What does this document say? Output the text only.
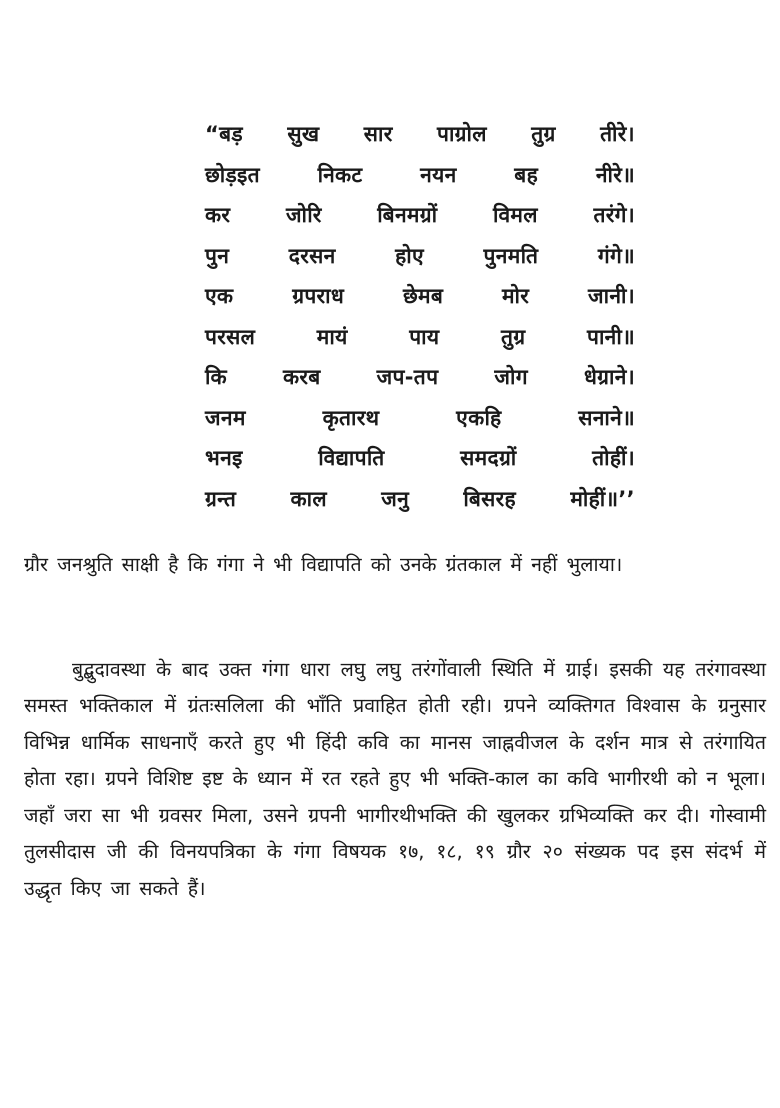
“बड़ सुख सार पाग्रोल तुग्र तीरे।
छोड़इत	निकट	नयन	बह	नीरे॥
कर	जोरि	बिनमग्रों	विमल	तरंगे।
पुन	दरसन	होए	पुनमति	गंगे॥
एक	ग्रपराध	छेमब	मोर	जानी।
परसल	मायं	पाय	तुग्र	पानी॥
कि	करब	जप-तप	जोग	धेग्राने।
जनम	कृतारथ	एकहि	सनाने॥
भनइ	विद्यापति	समदग्रों	तोहीं।
ग्रन्त	काल	जनु	बिसरह	मोहीं॥’’

ग्रौर जनश्रुति साक्षी है कि गंगा ने भी विद्यापति को उनके ग्रंतकाल में नहीं भुलाया।

बुद्बुदावस्था के बाद उक्त गंगा धारा लघु लघु तरंगोंवाली स्थिति में ग्राई। इसकी यह तरंगावस्था समस्त भक्तिकाल में ग्रंतःसलिला की भाँति प्रवाहित होती रही। ग्रपने व्यक्तिगत विश्वास के ग्रनुसार विभिन्न धार्मिक साधनाएँ करते हुए भी हिंदी कवि का मानस जाह्नवीजल के दर्शन मात्र से तरंगायित होता रहा। ग्रपने विशिष्ट इष्ट के ध्यान में रत रहते हुए भी भक्ति-काल का कवि भागीरथी को न भूला। जहाँ जरा सा भी ग्रवसर मिला, उसने ग्रपनी भागीरथीभक्ति की खुलकर ग्रभिव्यक्ति कर दी। गोस्वामी तुलसीदास जी की विनयपत्रिका के गंगा विषयक १७, १८, १९ ग्रौर २० संख्यक पद इस संदर्भ में उद्धृत किए जा सकते हैं।
